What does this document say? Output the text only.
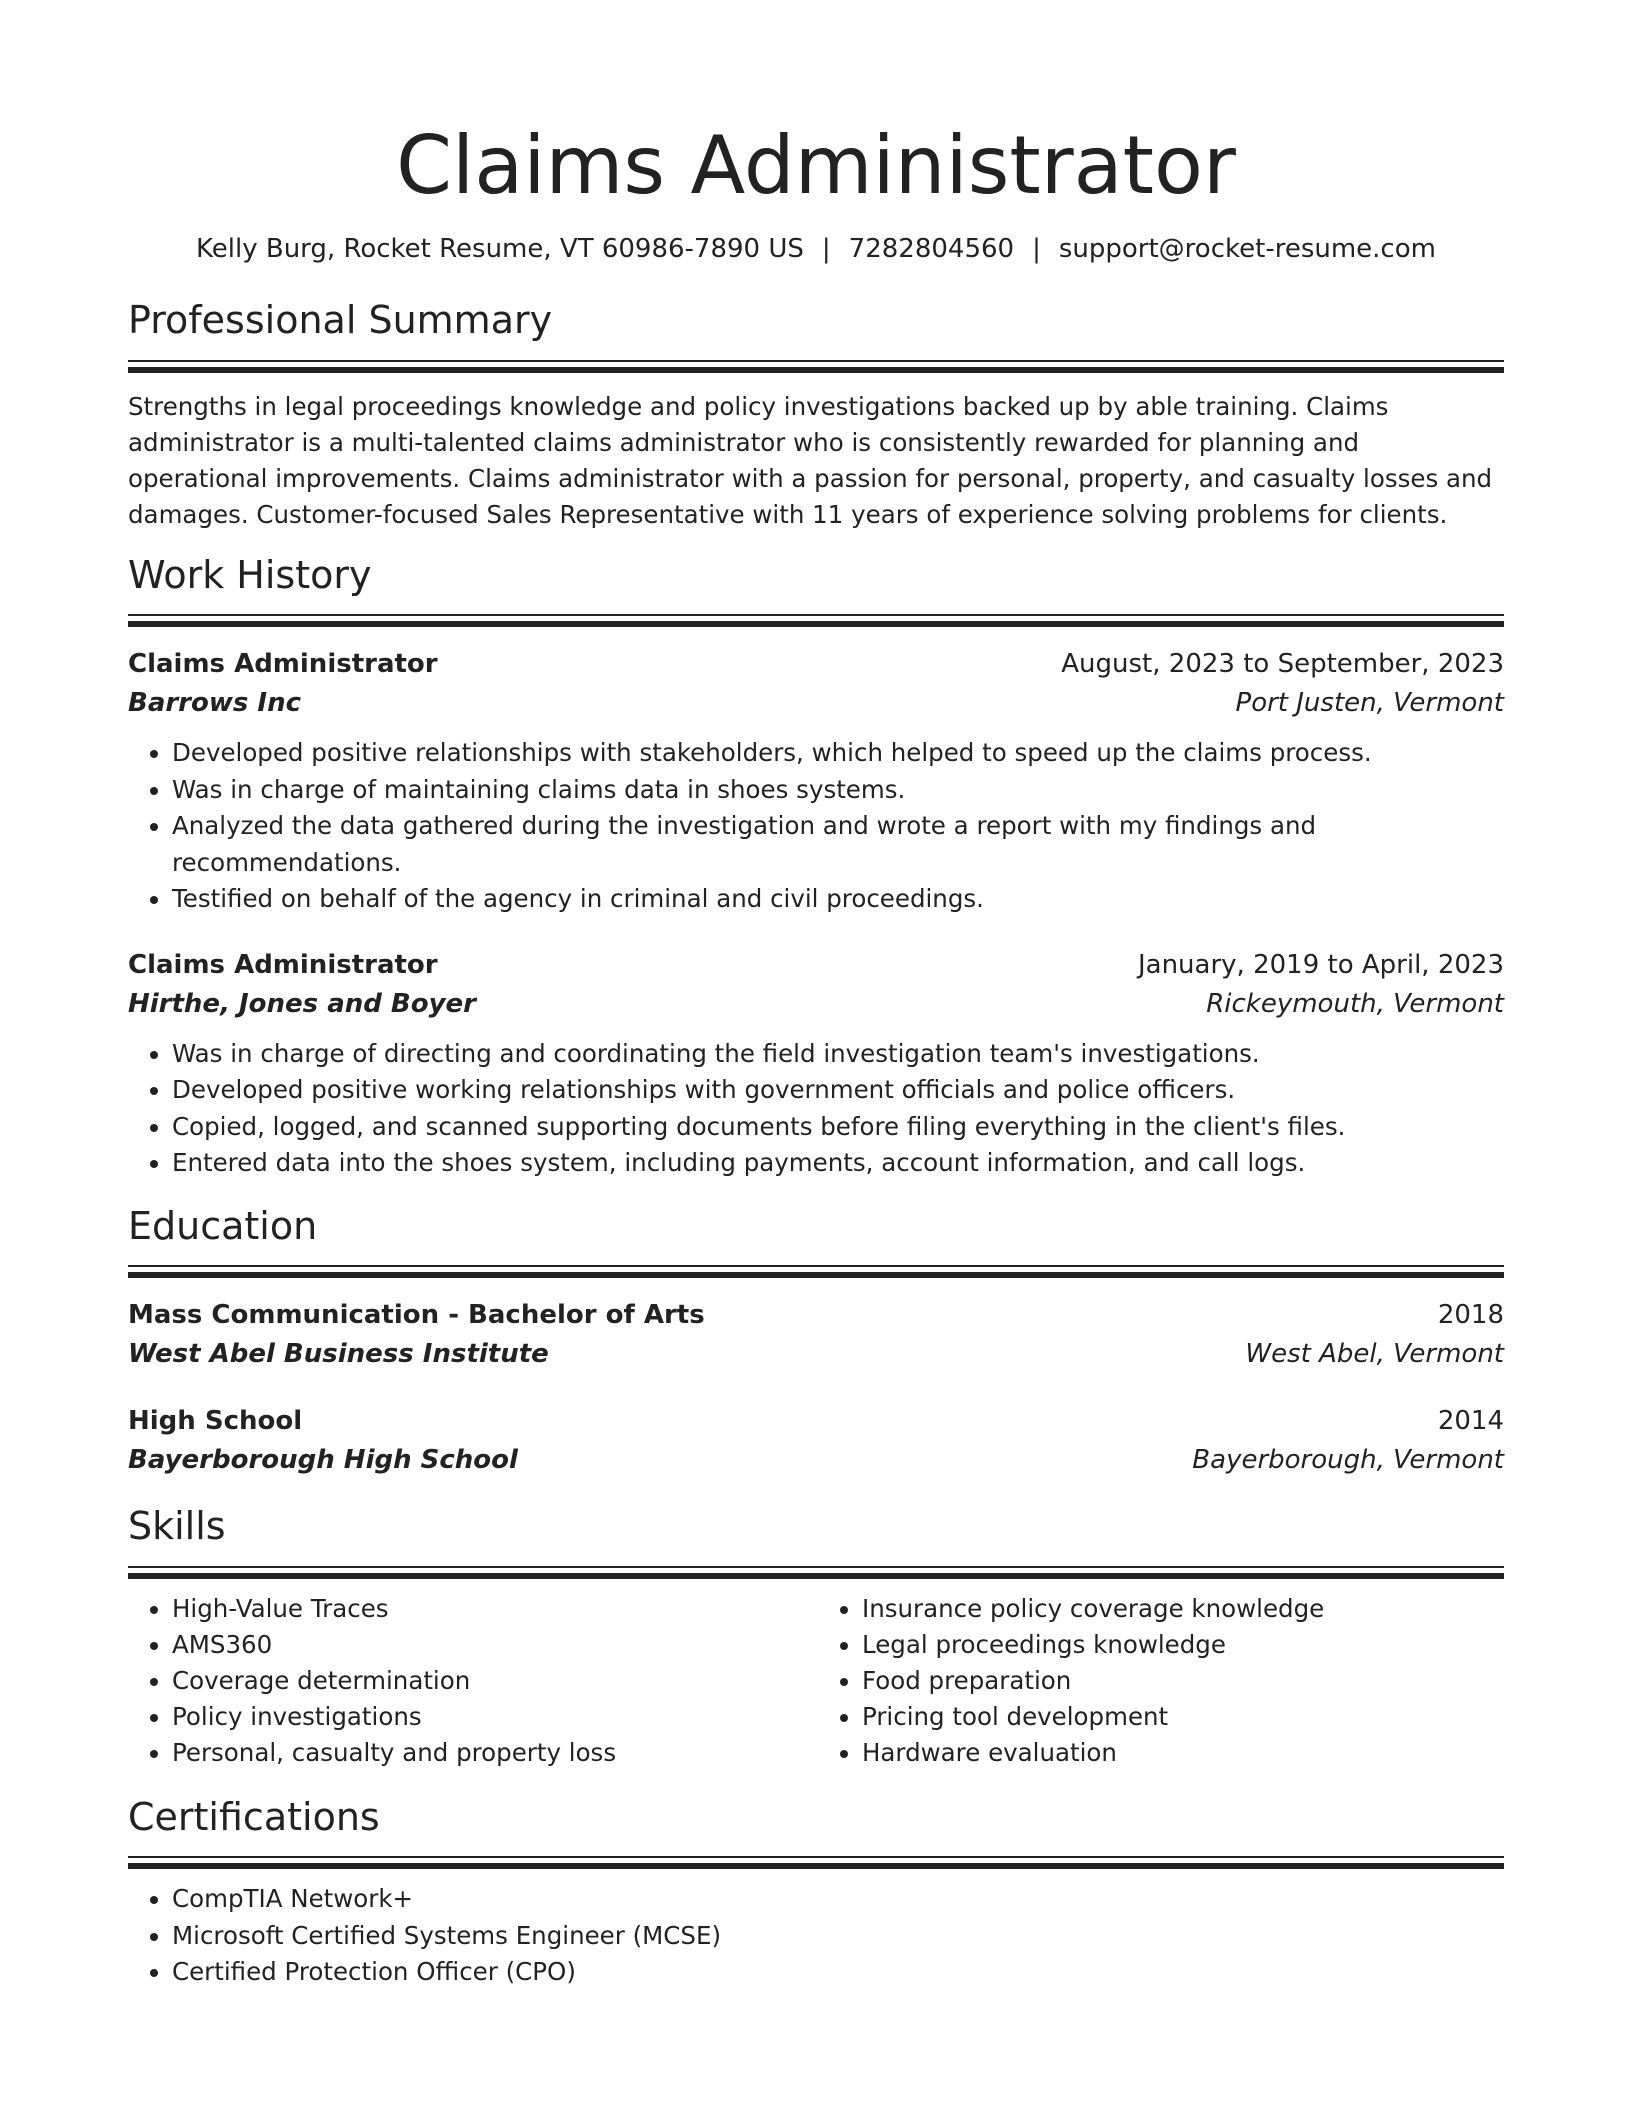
Claims Administrator
Kelly Burg, Rocket Resume, VT 60986-7890 US | 7282804560 | support@rocket-resume.com
Professional Summary
Strengths in legal proceedings knowledge and policy investigations backed up by able training. Claims administrator is a multi-talented claims administrator who is consistently rewarded for planning and operational improvements. Claims administrator with a passion for personal, property, and casualty losses and damages. Customer-focused Sales Representative with 11 years of experience solving problems for clients.
Work History
Claims Administrator	August, 2023 to September, 2023
Barrows Inc	Port Justen, Vermont
• Developed positive relationships with stakeholders, which helped to speed up the claims process.
• Was in charge of maintaining claims data in shoes systems.
• Analyzed the data gathered during the investigation and wrote a report with my findings and recommendations.
• Testified on behalf of the agency in criminal and civil proceedings.
Claims Administrator	January, 2019 to April, 2023
Hirthe, Jones and Boyer	Rickeymouth, Vermont
• Was in charge of directing and coordinating the field investigation team's investigations.
• Developed positive working relationships with government officials and police officers.
• Copied, logged, and scanned supporting documents before filing everything in the client's files.
• Entered data into the shoes system, including payments, account information, and call logs.
Education
Mass Communication - Bachelor of Arts	2018
West Abel Business Institute	West Abel, Vermont
High School	2014
Bayerborough High School	Bayerborough, Vermont
Skills
• High-Value Traces
• AMS360
• Coverage determination
• Policy investigations
• Personal, casualty and property loss
• Insurance policy coverage knowledge
• Legal proceedings knowledge
• Food preparation
• Pricing tool development
• Hardware evaluation
Certifications
• CompTIA Network+
• Microsoft Certified Systems Engineer (MCSE)
• Certified Protection Officer (CPO)
